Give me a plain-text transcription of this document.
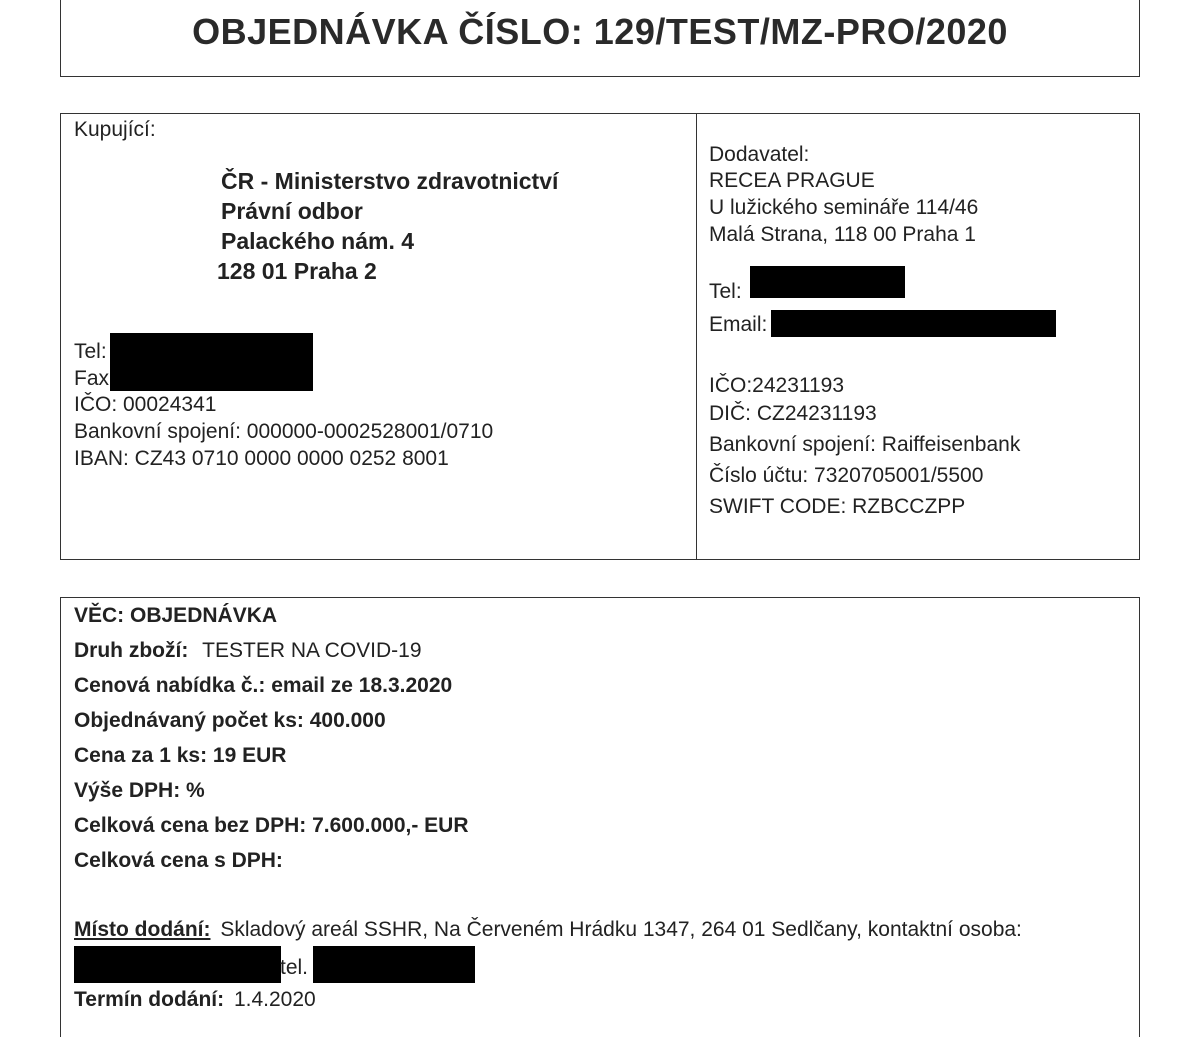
OBJEDNÁVKA ČÍSLO: 129/TEST/MZ-PRO/2020
Kupující:
ČR - Ministerstvo zdravotnictví
Právní odbor
Palackého nám. 4
128 01 Praha 2
Tel:
Fax
IČO: 00024341
Bankovní spojení: 000000-0002528001/0710
IBAN: CZ43 0710 0000 0000 0252 8001
Dodavatel:
RECEA PRAGUE
U lužického semináře 114/46
Malá Strana, 118 00 Praha 1
Tel:
Email:
IČO:24231193
DIČ: CZ24231193
Bankovní spojení: Raiffeisenbank
Číslo účtu: 7320705001/5500
SWIFT CODE: RZBCCZPP
VĚC: OBJEDNÁVKA
Druh zboží: TESTER NA COVID-19
Cenová nabídka č.: email ze 18.3.2020
Objednávaný počet ks: 400.000
Cena za 1 ks: 19 EUR
Výše DPH: %
Celková cena bez DPH: 7.600.000,- EUR
Celková cena s DPH:
Místo dodání: Skladový areál SSHR, Na Červeném Hrádku 1347, 264 01 Sedlčany, kontaktní osoba:
tel.
Termín dodání: 1.4.2020
